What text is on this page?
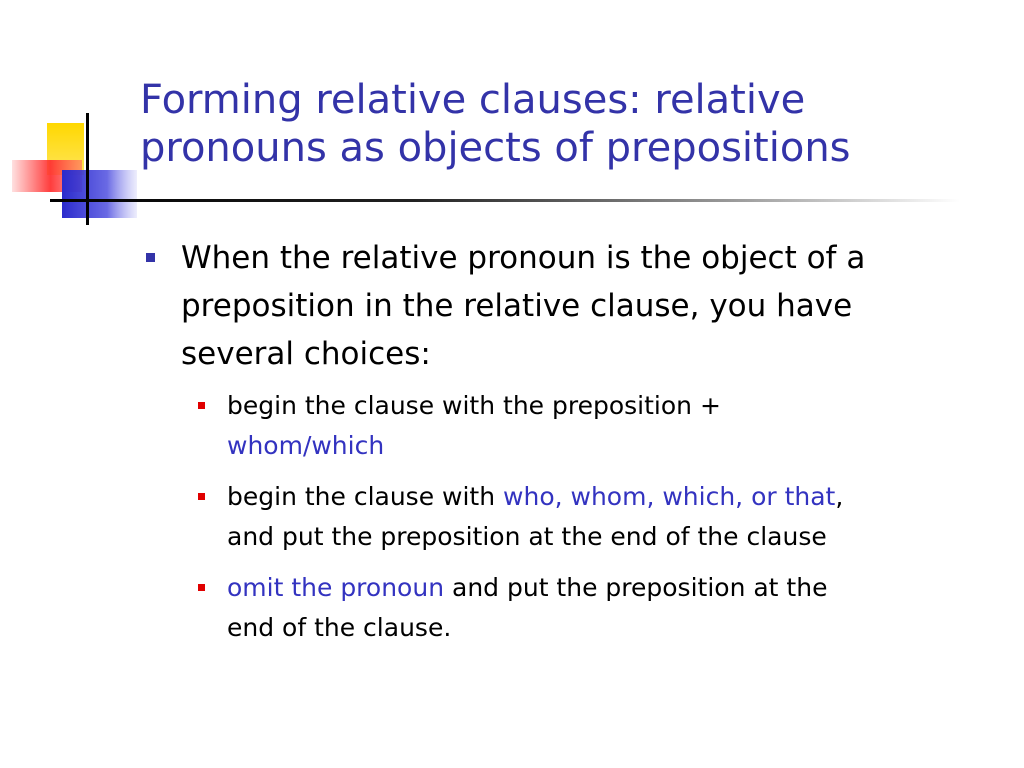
Forming relative clauses: relative
pronouns as objects of prepositions
When the relative pronoun is the object of a
preposition in the relative clause, you have
several choices:
begin the clause with the preposition +
whom/which
begin the clause with who, whom, which, or that,
and put the preposition at the end of the clause
omit the pronoun and put the preposition at the
end of the clause.
